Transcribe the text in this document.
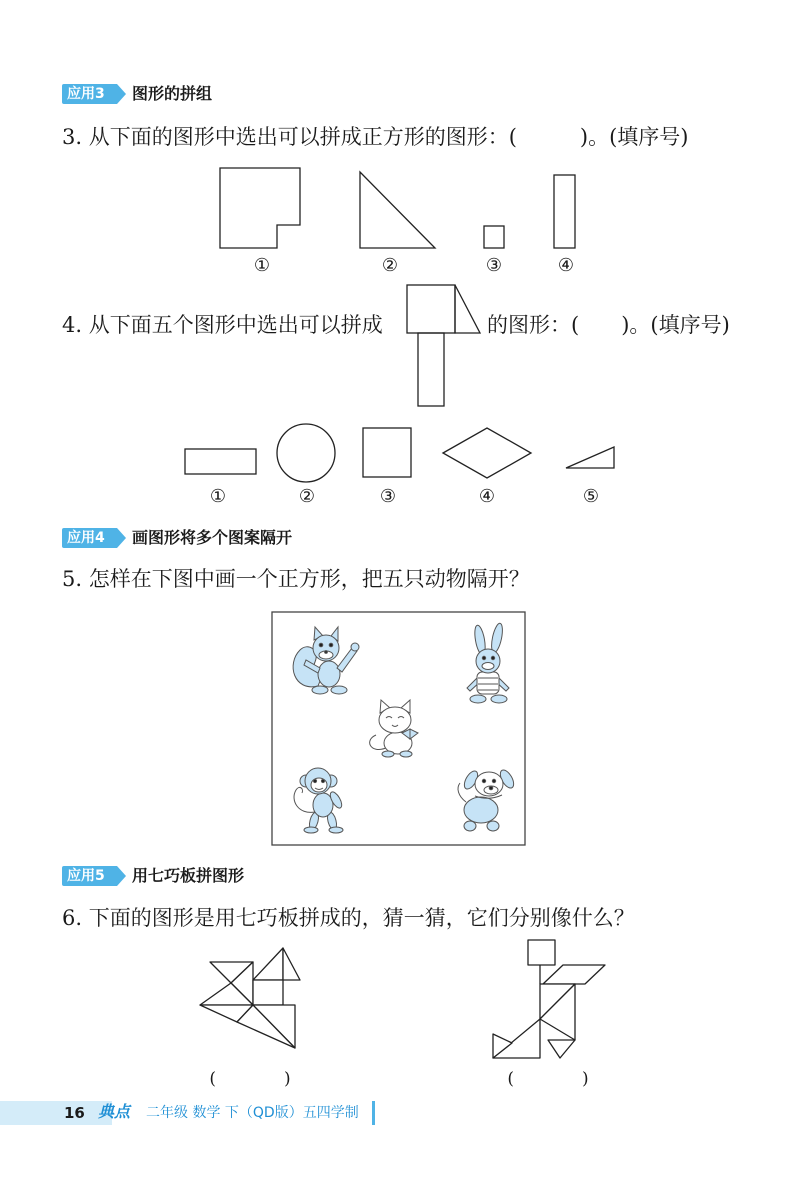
应用3	图形的拼组
3. 从下面的图形中选出可以拼成正方形的图形：(　　　)。(填序号)
①	②	③	④
4. 从下面五个图形中选出可以拼成	的图形：(　　)。(填序号)
①	②	③	④	⑤
应用4	画图形将多个图案隔开
5. 怎样在下图中画一个正方形，把五只动物隔开？
应用5	用七巧板拼图形
6. 下面的图形是用七巧板拼成的，猜一猜，它们分别像什么？
(　　　　)	(　　　　)
16 典点 二年级 数学 下（QD版）五四学制
